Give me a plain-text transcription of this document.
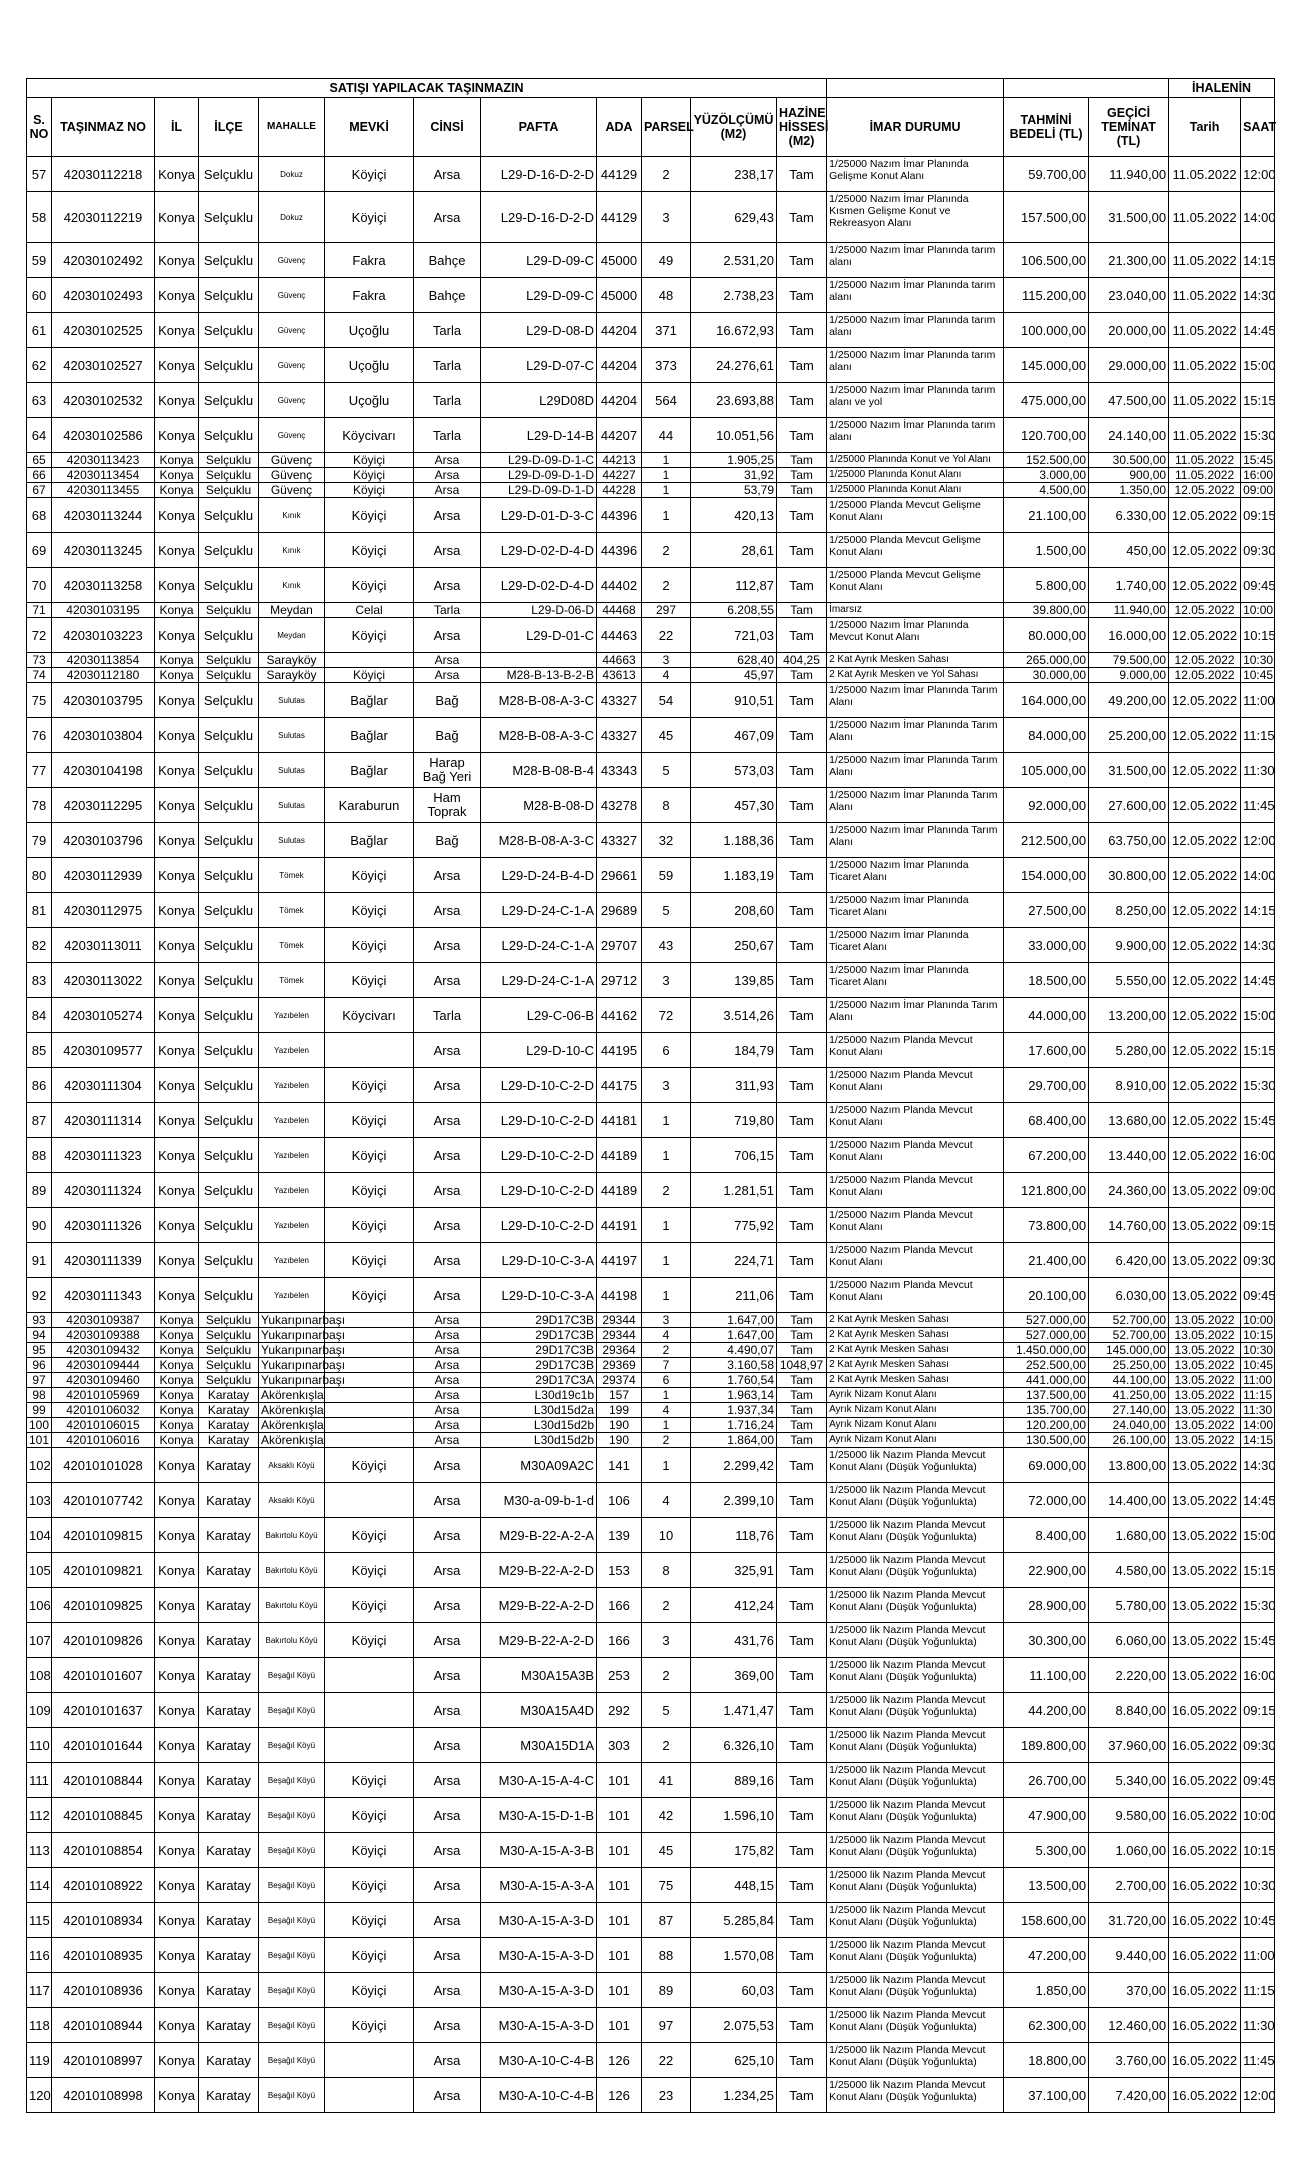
SATIŞI YAPILACAK TAŞINMAZIN															İHALENİN	
S. NO	TAŞINMAZ NO	İL	İLÇE	MAHALLE	MEVKİ	CİNSİ	PAFTA	ADA	PARSEL	YÜZÖLÇÜMÜ (M2)	HAZİNE HİSSESİ (M2)	İMAR DURUMU	TAHMİNİ BEDELİ (TL)	GEÇİCİ TEMİNAT (TL)	Tarih	SAAT
57	42030112218	Konya	Selçuklu	Dokuz	Köyiçi	Arsa	L29-D-16-D-2-D	44129	2	238,17	Tam	1/25000 Nazım İmar Planında Gelişme Konut Alanı	59.700,00	11.940,00	11.05.2022	12:00
58	42030112219	Konya	Selçuklu	Dokuz	Köyiçi	Arsa	L29-D-16-D-2-D	44129	3	629,43	Tam	1/25000 Nazım İmar Planında Kısmen Gelişme Konut ve Rekreasyon Alanı	157.500,00	31.500,00	11.05.2022	14:00
59	42030102492	Konya	Selçuklu	Güvenç	Fakra	Bahçe	L29-D-09-C	45000	49	2.531,20	Tam	1/25000 Nazım İmar Planında tarım alanı	106.500,00	21.300,00	11.05.2022	14:15
60	42030102493	Konya	Selçuklu	Güvenç	Fakra	Bahçe	L29-D-09-C	45000	48	2.738,23	Tam	1/25000 Nazım İmar Planında tarım alanı	115.200,00	23.040,00	11.05.2022	14:30
61	42030102525	Konya	Selçuklu	Güvenç	Uçoğlu	Tarla	L29-D-08-D	44204	371	16.672,93	Tam	1/25000 Nazım İmar Planında tarım alanı	100.000,00	20.000,00	11.05.2022	14:45
62	42030102527	Konya	Selçuklu	Güvenç	Uçoğlu	Tarla	L29-D-07-C	44204	373	24.276,61	Tam	1/25000 Nazım İmar Planında tarım alanı	145.000,00	29.000,00	11.05.2022	15:00
63	42030102532	Konya	Selçuklu	Güvenç	Uçoğlu	Tarla	L29D08D	44204	564	23.693,88	Tam	1/25000 Nazım İmar Planında tarım alanı ve yol	475.000,00	47.500,00	11.05.2022	15:15
64	42030102586	Konya	Selçuklu	Güvenç	Köycivarı	Tarla	L29-D-14-B	44207	44	10.051,56	Tam	1/25000 Nazım İmar Planında tarım alanı	120.700,00	24.140,00	11.05.2022	15:30
65	42030113423	Konya	Selçuklu	Güvenç	Köyiçi	Arsa	L29-D-09-D-1-C	44213	1	1.905,25	Tam	1/25000 Planında Konut ve Yol Alanı	152.500,00	30.500,00	11.05.2022	15:45
66	42030113454	Konya	Selçuklu	Güvenç	Köyiçi	Arsa	L29-D-09-D-1-D	44227	1	31,92	Tam	1/25000 Planında Konut Alanı	3.000,00	900,00	11.05.2022	16:00
67	42030113455	Konya	Selçuklu	Güvenç	Köyiçi	Arsa	L29-D-09-D-1-D	44228	1	53,79	Tam	1/25000 Planında Konut Alanı	4.500,00	1.350,00	12.05.2022	09:00
68	42030113244	Konya	Selçuklu	Kınık	Köyiçi	Arsa	L29-D-01-D-3-C	44396	1	420,13	Tam	1/25000 Planda Mevcut Gelişme Konut Alanı	21.100,00	6.330,00	12.05.2022	09:15
69	42030113245	Konya	Selçuklu	Kınık	Köyiçi	Arsa	L29-D-02-D-4-D	44396	2	28,61	Tam	1/25000 Planda Mevcut Gelişme Konut Alanı	1.500,00	450,00	12.05.2022	09:30
70	42030113258	Konya	Selçuklu	Kınık	Köyiçi	Arsa	L29-D-02-D-4-D	44402	2	112,87	Tam	1/25000 Planda Mevcut Gelişme Konut Alanı	5.800,00	1.740,00	12.05.2022	09:45
71	42030103195	Konya	Selçuklu	Meydan	Celal	Tarla	L29-D-06-D	44468	297	6.208,55	Tam	İmarsız	39.800,00	11.940,00	12.05.2022	10:00
72	42030103223	Konya	Selçuklu	Meydan	Köyiçi	Arsa	L29-D-01-C	44463	22	721,03	Tam	1/25000 Nazım İmar Planında Mevcut Konut Alanı	80.000,00	16.000,00	12.05.2022	10:15
73	42030113854	Konya	Selçuklu	Sarayköy		Arsa		44663	3	628,40	404,25	2 Kat Ayrık Mesken Sahası	265.000,00	79.500,00	12.05.2022	10:30
74	42030112180	Konya	Selçuklu	Sarayköy	Köyiçi	Arsa	M28-B-13-B-2-B	43613	4	45,97	Tam	2 Kat Ayrık Mesken ve Yol Sahası	30.000,00	9.000,00	12.05.2022	10:45
75	42030103795	Konya	Selçuklu	Sulutas	Bağlar	Bağ	M28-B-08-A-3-C	43327	54	910,51	Tam	1/25000 Nazım İmar Planında Tarım Alanı	164.000,00	49.200,00	12.05.2022	11:00
76	42030103804	Konya	Selçuklu	Sulutas	Bağlar	Bağ	M28-B-08-A-3-C	43327	45	467,09	Tam	1/25000 Nazım İmar Planında Tarım Alanı	84.000,00	25.200,00	12.05.2022	11:15
77	42030104198	Konya	Selçuklu	Sulutas	Bağlar	Harap Bağ Yeri	M28-B-08-B-4	43343	5	573,03	Tam	1/25000 Nazım İmar Planında Tarım Alanı	105.000,00	31.500,00	12.05.2022	11:30
78	42030112295	Konya	Selçuklu	Sulutas	Karaburun	Ham Toprak	M28-B-08-D	43278	8	457,30	Tam	1/25000 Nazım İmar Planında Tarım Alanı	92.000,00	27.600,00	12.05.2022	11:45
79	42030103796	Konya	Selçuklu	Sulutas	Bağlar	Bağ	M28-B-08-A-3-C	43327	32	1.188,36	Tam	1/25000 Nazım İmar Planında Tarım Alanı	212.500,00	63.750,00	12.05.2022	12:00
80	42030112939	Konya	Selçuklu	Tömek	Köyiçi	Arsa	L29-D-24-B-4-D	29661	59	1.183,19	Tam	1/25000 Nazım İmar Planında Ticaret Alanı	154.000,00	30.800,00	12.05.2022	14:00
81	42030112975	Konya	Selçuklu	Tömek	Köyiçi	Arsa	L29-D-24-C-1-A	29689	5	208,60	Tam	1/25000 Nazım İmar Planında Ticaret Alanı	27.500,00	8.250,00	12.05.2022	14:15
82	42030113011	Konya	Selçuklu	Tömek	Köyiçi	Arsa	L29-D-24-C-1-A	29707	43	250,67	Tam	1/25000 Nazım İmar Planında Ticaret Alanı	33.000,00	9.900,00	12.05.2022	14:30
83	42030113022	Konya	Selçuklu	Tömek	Köyiçi	Arsa	L29-D-24-C-1-A	29712	3	139,85	Tam	1/25000 Nazım İmar Planında Ticaret Alanı	18.500,00	5.550,00	12.05.2022	14:45
84	42030105274	Konya	Selçuklu	Yazıbelen	Köycivarı	Tarla	L29-C-06-B	44162	72	3.514,26	Tam	1/25000 Nazım İmar Planında Tarım Alanı	44.000,00	13.200,00	12.05.2022	15:00
85	42030109577	Konya	Selçuklu	Yazıbelen		Arsa	L29-D-10-C	44195	6	184,79	Tam	1/25000 Nazım Planda Mevcut Konut Alanı	17.600,00	5.280,00	12.05.2022	15:15
86	42030111304	Konya	Selçuklu	Yazıbelen	Köyiçi	Arsa	L29-D-10-C-2-D	44175	3	311,93	Tam	1/25000 Nazım Planda Mevcut Konut Alanı	29.700,00	8.910,00	12.05.2022	15:30
87	42030111314	Konya	Selçuklu	Yazıbelen	Köyiçi	Arsa	L29-D-10-C-2-D	44181	1	719,80	Tam	1/25000 Nazım Planda Mevcut Konut Alanı	68.400,00	13.680,00	12.05.2022	15:45
88	42030111323	Konya	Selçuklu	Yazıbelen	Köyiçi	Arsa	L29-D-10-C-2-D	44189	1	706,15	Tam	1/25000 Nazım Planda Mevcut Konut Alanı	67.200,00	13.440,00	12.05.2022	16:00
89	42030111324	Konya	Selçuklu	Yazıbelen	Köyiçi	Arsa	L29-D-10-C-2-D	44189	2	1.281,51	Tam	1/25000 Nazım Planda Mevcut Konut Alanı	121.800,00	24.360,00	13.05.2022	09:00
90	42030111326	Konya	Selçuklu	Yazıbelen	Köyiçi	Arsa	L29-D-10-C-2-D	44191	1	775,92	Tam	1/25000 Nazım Planda Mevcut Konut Alanı	73.800,00	14.760,00	13.05.2022	09:15
91	42030111339	Konya	Selçuklu	Yazıbelen	Köyiçi	Arsa	L29-D-10-C-3-A	44197	1	224,71	Tam	1/25000 Nazım Planda Mevcut Konut Alanı	21.400,00	6.420,00	13.05.2022	09:30
92	42030111343	Konya	Selçuklu	Yazıbelen	Köyiçi	Arsa	L29-D-10-C-3-A	44198	1	211,06	Tam	1/25000 Nazım Planda Mevcut Konut Alanı	20.100,00	6.030,00	13.05.2022	09:45
93	42030109387	Konya	Selçuklu	Yukarıpınarbaşı		Arsa	29D17C3B	29344	3	1.647,00	Tam	2 Kat Ayrık Mesken Sahası	527.000,00	52.700,00	13.05.2022	10:00
94	42030109388	Konya	Selçuklu	Yukarıpınarbaşı		Arsa	29D17C3B	29344	4	1.647,00	Tam	2 Kat Ayrık Mesken Sahası	527.000,00	52.700,00	13.05.2022	10:15
95	42030109432	Konya	Selçuklu	Yukarıpınarbaşı		Arsa	29D17C3B	29364	2	4.490,07	Tam	2 Kat Ayrık Mesken Sahası	1.450.000,00	145.000,00	13.05.2022	10:30
96	42030109444	Konya	Selçuklu	Yukarıpınarbaşı		Arsa	29D17C3B	29369	7	3.160,58	1048,97	2 Kat Ayrık Mesken Sahası	252.500,00	25.250,00	13.05.2022	10:45
97	42030109460	Konya	Selçuklu	Yukarıpınarbaşı		Arsa	29D17C3A	29374	6	1.760,54	Tam	2 Kat Ayrık Mesken Sahası	441.000,00	44.100,00	13.05.2022	11:00
98	42010105969	Konya	Karatay	Akörenkışla		Arsa	L30d19c1b	157	1	1.963,14	Tam	Ayrık Nizam Konut Alanı	137.500,00	41.250,00	13.05.2022	11:15
99	42010106032	Konya	Karatay	Akörenkışla		Arsa	L30d15d2a	199	4	1.937,34	Tam	Ayrık Nizam Konut Alanı	135.700,00	27.140,00	13.05.2022	11:30
100	42010106015	Konya	Karatay	Akörenkışla		Arsa	L30d15d2b	190	1	1.716,24	Tam	Ayrık Nizam Konut Alanı	120.200,00	24.040,00	13.05.2022	14:00
101	42010106016	Konya	Karatay	Akörenkışla		Arsa	L30d15d2b	190	2	1.864,00	Tam	Ayrık Nizam Konut Alanı	130.500,00	26.100,00	13.05.2022	14:15
102	42010101028	Konya	Karatay	Aksaklı Köyü	Köyiçi	Arsa	M30A09A2C	141	1	2.299,42	Tam	1/25000 lik Nazım Planda Mevcut Konut Alanı (Düşük Yoğunlukta)	69.000,00	13.800,00	13.05.2022	14:30
103	42010107742	Konya	Karatay	Aksaklı Köyü		Arsa	M30-a-09-b-1-d	106	4	2.399,10	Tam	1/25000 lik Nazım Planda Mevcut Konut Alanı (Düşük Yoğunlukta)	72.000,00	14.400,00	13.05.2022	14:45
104	42010109815	Konya	Karatay	Bakırtolu Köyü	Köyiçi	Arsa	M29-B-22-A-2-A	139	10	118,76	Tam	1/25000 lik Nazım Planda Mevcut Konut Alanı (Düşük Yoğunlukta)	8.400,00	1.680,00	13.05.2022	15:00
105	42010109821	Konya	Karatay	Bakırtolu Köyü	Köyiçi	Arsa	M29-B-22-A-2-D	153	8	325,91	Tam	1/25000 lik Nazım Planda Mevcut Konut Alanı (Düşük Yoğunlukta)	22.900,00	4.580,00	13.05.2022	15:15
106	42010109825	Konya	Karatay	Bakırtolu Köyü	Köyiçi	Arsa	M29-B-22-A-2-D	166	2	412,24	Tam	1/25000 lik Nazım Planda Mevcut Konut Alanı (Düşük Yoğunlukta)	28.900,00	5.780,00	13.05.2022	15:30
107	42010109826	Konya	Karatay	Bakırtolu Köyü	Köyiçi	Arsa	M29-B-22-A-2-D	166	3	431,76	Tam	1/25000 lik Nazım Planda Mevcut Konut Alanı (Düşük Yoğunlukta)	30.300,00	6.060,00	13.05.2022	15:45
108	42010101607	Konya	Karatay	Beşağıl Köyü		Arsa	M30A15A3B	253	2	369,00	Tam	1/25000 lik Nazım Planda Mevcut Konut Alanı (Düşük Yoğunlukta)	11.100,00	2.220,00	13.05.2022	16:00
109	42010101637	Konya	Karatay	Beşağıl Köyü		Arsa	M30A15A4D	292	5	1.471,47	Tam	1/25000 lik Nazım Planda Mevcut Konut Alanı (Düşük Yoğunlukta)	44.200,00	8.840,00	16.05.2022	09:15
110	42010101644	Konya	Karatay	Beşağıl Köyü		Arsa	M30A15D1A	303	2	6.326,10	Tam	1/25000 lik Nazım Planda Mevcut Konut Alanı (Düşük Yoğunlukta)	189.800,00	37.960,00	16.05.2022	09:30
111	42010108844	Konya	Karatay	Beşağıl Köyü	Köyiçi	Arsa	M30-A-15-A-4-C	101	41	889,16	Tam	1/25000 lik Nazım Planda Mevcut Konut Alanı (Düşük Yoğunlukta)	26.700,00	5.340,00	16.05.2022	09:45
112	42010108845	Konya	Karatay	Beşağıl Köyü	Köyiçi	Arsa	M30-A-15-D-1-B	101	42	1.596,10	Tam	1/25000 lik Nazım Planda Mevcut Konut Alanı (Düşük Yoğunlukta)	47.900,00	9.580,00	16.05.2022	10:00
113	42010108854	Konya	Karatay	Beşağıl Köyü	Köyiçi	Arsa	M30-A-15-A-3-B	101	45	175,82	Tam	1/25000 lik Nazım Planda Mevcut Konut Alanı (Düşük Yoğunlukta)	5.300,00	1.060,00	16.05.2022	10:15
114	42010108922	Konya	Karatay	Beşağıl Köyü	Köyiçi	Arsa	M30-A-15-A-3-A	101	75	448,15	Tam	1/25000 lik Nazım Planda Mevcut Konut Alanı (Düşük Yoğunlukta)	13.500,00	2.700,00	16.05.2022	10:30
115	42010108934	Konya	Karatay	Beşağıl Köyü	Köyiçi	Arsa	M30-A-15-A-3-D	101	87	5.285,84	Tam	1/25000 lik Nazım Planda Mevcut Konut Alanı (Düşük Yoğunlukta)	158.600,00	31.720,00	16.05.2022	10:45
116	42010108935	Konya	Karatay	Beşağıl Köyü	Köyiçi	Arsa	M30-A-15-A-3-D	101	88	1.570,08	Tam	1/25000 lik Nazım Planda Mevcut Konut Alanı (Düşük Yoğunlukta)	47.200,00	9.440,00	16.05.2022	11:00
117	42010108936	Konya	Karatay	Beşağıl Köyü	Köyiçi	Arsa	M30-A-15-A-3-D	101	89	60,03	Tam	1/25000 lik Nazım Planda Mevcut Konut Alanı (Düşük Yoğunlukta)	1.850,00	370,00	16.05.2022	11:15
118	42010108944	Konya	Karatay	Beşağıl Köyü	Köyiçi	Arsa	M30-A-15-A-3-D	101	97	2.075,53	Tam	1/25000 lik Nazım Planda Mevcut Konut Alanı (Düşük Yoğunlukta)	62.300,00	12.460,00	16.05.2022	11:30
119	42010108997	Konya	Karatay	Beşağıl Köyü		Arsa	M30-A-10-C-4-B	126	22	625,10	Tam	1/25000 lik Nazım Planda Mevcut Konut Alanı (Düşük Yoğunlukta)	18.800,00	3.760,00	16.05.2022	11:45
120	42010108998	Konya	Karatay	Beşağıl Köyü		Arsa	M30-A-10-C-4-B	126	23	1.234,25	Tam	1/25000 lik Nazım Planda Mevcut Konut Alanı (Düşük Yoğunlukta)	37.100,00	7.420,00	16.05.2022	12:00
